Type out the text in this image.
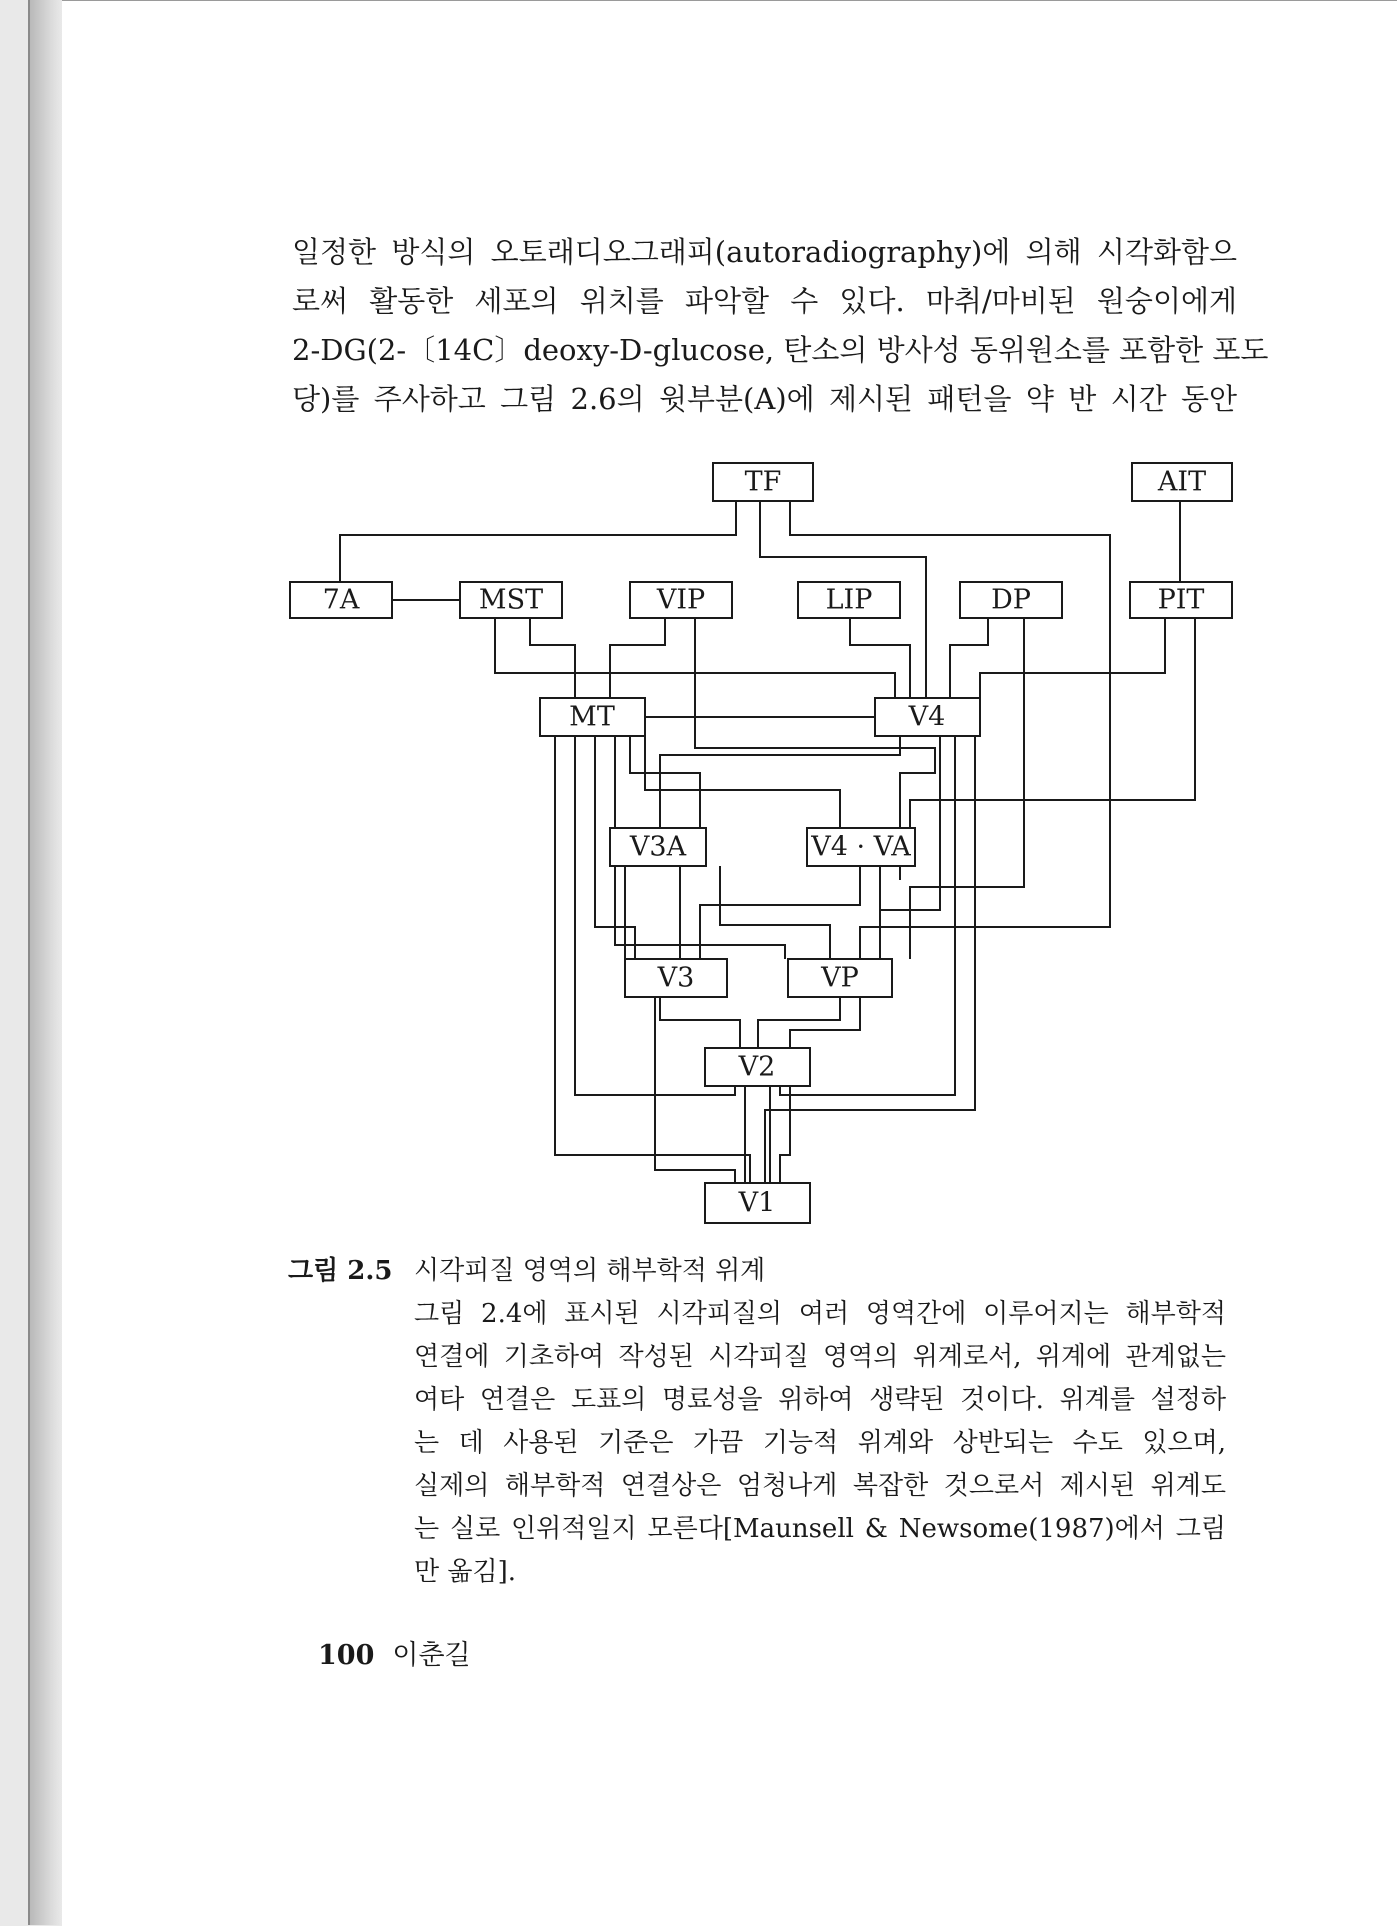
일정한 방식의 오토래디오그래피(autoradiography)에 의해 시각화함으
로써 활동한 세포의 위치를 파악할 수 있다. 마취/마비된 원숭이에게
2-DG(2-〔14C〕deoxy-D-glucose, 탄소의 방사성 동위원소를 포함한 포도
당)를 주사하고 그림 2.6의 윗부분(A)에 제시된 패턴을 약 반 시간 동안

TF	AIT
7A	MST	VIP	LIP	DP	PIT
MT	V4
V3A	V4 · VA
V3	VP
V2
V1
그림 2.5 시각피질 영역의 해부학적 위계

그림 2.4에 표시된 시각피질의 여러 영역간에 이루어지는 해부학적
연결에 기초하여 작성된 시각피질 영역의 위계로서, 위계에 관계없는
여타 연결은 도표의 명료성을 위하여 생략된 것이다. 위계를 설정하
는 데 사용된 기준은 가끔 기능적 위계와 상반되는 수도 있으며,
실제의 해부학적 연결상은 엄청나게 복잡한 것으로서 제시된 위계도
는 실로 인위적일지 모른다[Maunsell & Newsome(1987)에서 그림
만 옮김].

100 이춘길
